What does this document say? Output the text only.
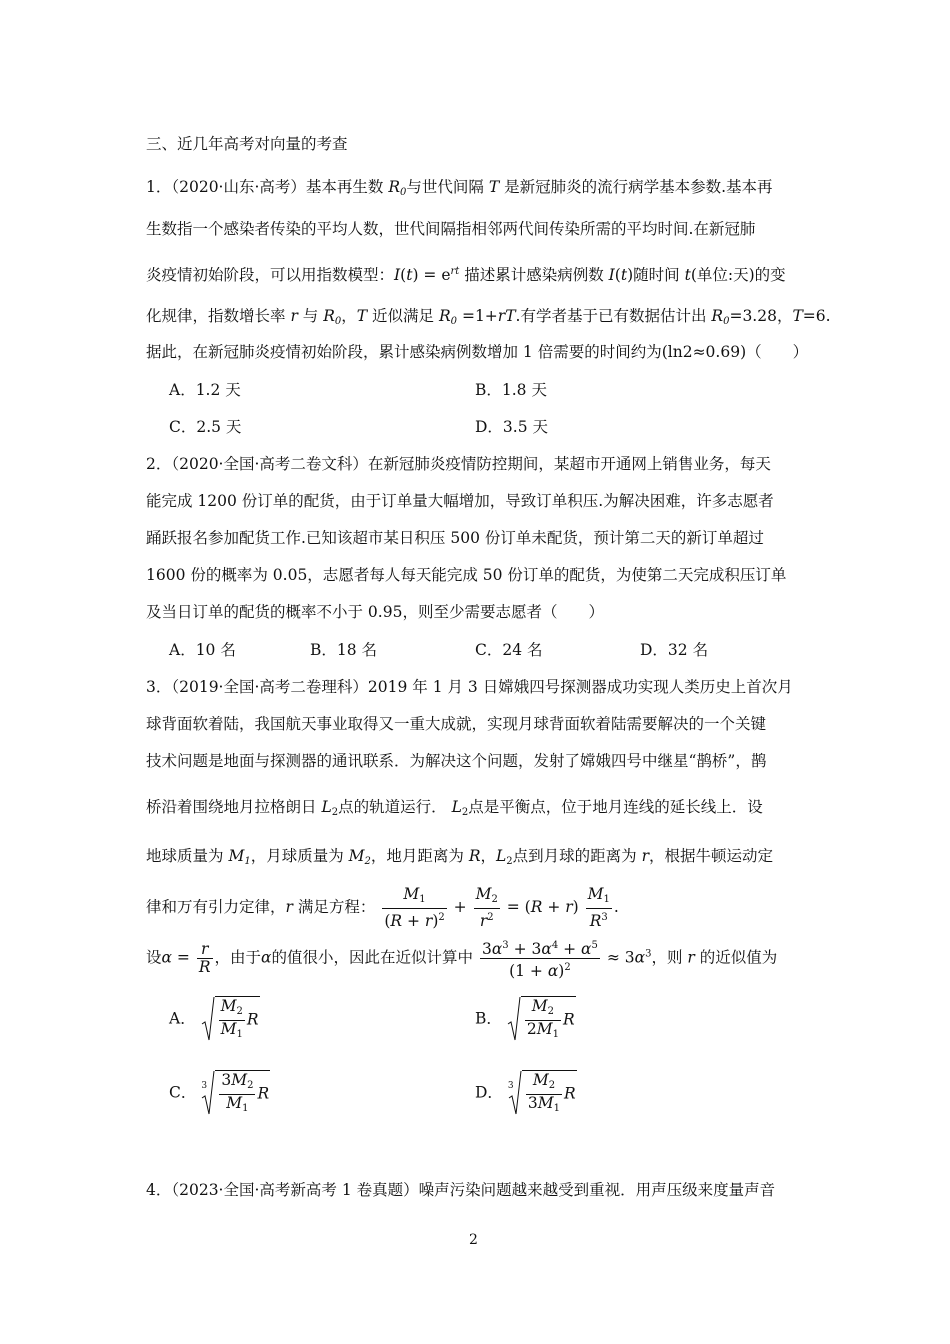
三、近几年高考对向量的考查
1．（2020·山东·高考）基本再生数 $R_0$与世代间隔 T 是新冠肺炎的流行病学基本参数.基本再
生数指一个感染者传染的平均人数，世代间隔指相邻两代间传染所需的平均时间.在新冠肺
炎疫情初始阶段，可以用指数模型：$I(t) = e^{rt}$ 描述累计感染病例数 I(t)随时间 t(单位:天)的变
化规律，指数增长率 r 与 $R_0$，T 近似满足 $R_0 =1+rT$.有学者基于已有数据估计出 $R_0=3.28$，T=6.
据此，在新冠肺炎疫情初始阶段，累计感染病例数增加 1 倍需要的时间约为(ln2≈0.69)（　　）
A．1.2 天	B．1.8 天
C．2.5 天	D．3.5 天
2．（2020·全国·高考二卷文科）在新冠肺炎疫情防控期间，某超市开通网上销售业务，每天
能完成 1200 份订单的配货，由于订单量大幅增加，导致订单积压.为解决困难，许多志愿者
踊跃报名参加配货工作.已知该超市某日积压 500 份订单未配货，预计第二天的新订单超过
1600 份的概率为 0.05，志愿者每人每天能完成 50 份订单的配货，为使第二天完成积压订单
及当日订单的配货的概率不小于 0.95，则至少需要志愿者（　　）
A．10 名	B．18 名	C．24 名	D．32 名
3．（2019·全国·高考二卷理科）2019 年 1 月 3 日嫦娥四号探测器成功实现人类历史上首次月
球背面软着陆，我国航天事业取得又一重大成就，实现月球背面软着陆需要解决的一个关键
技术问题是地面与探测器的通讯联系．为解决这个问题，发射了嫦娥四号中继星“鹊桥”，鹊
桥沿着围绕地月拉格朗日 $L_2$点的轨道运行． $L_2$点是平衡点，位于地月连线的延长线上．设
地球质量为 $M_1$，月球质量为 $M_2$，地月距离为 R，$L_2$点到月球的距离为 r，根据牛顿运动定
律和万有引力定律，r 满足方程： $\frac{M_1}{(R + r)^2} + \frac{M_2}{r^2} = (R + r) \frac{M_1}{R^3}$ .
设$\alpha = \frac{r}{R}$ ，由于α的值很小，因此在近似计算中 $\frac{3\alpha^3 + 3\alpha^4 + \alpha^5}{(1 + \alpha)^2} \approx 3\alpha^3$，则 r 的近似值为
A． $\frac{M_2}{M_1}$ R	B． $\frac{M_2}{2M_1}$ R
C． $3 \frac{3M_2}{M_1}$ R	D． $3 \frac{M_2}{3M_1}$ R
4．（2023·全国·高考新高考 1 卷真题）噪声污染问题越来越受到重视．用声压级来度量声音
2
